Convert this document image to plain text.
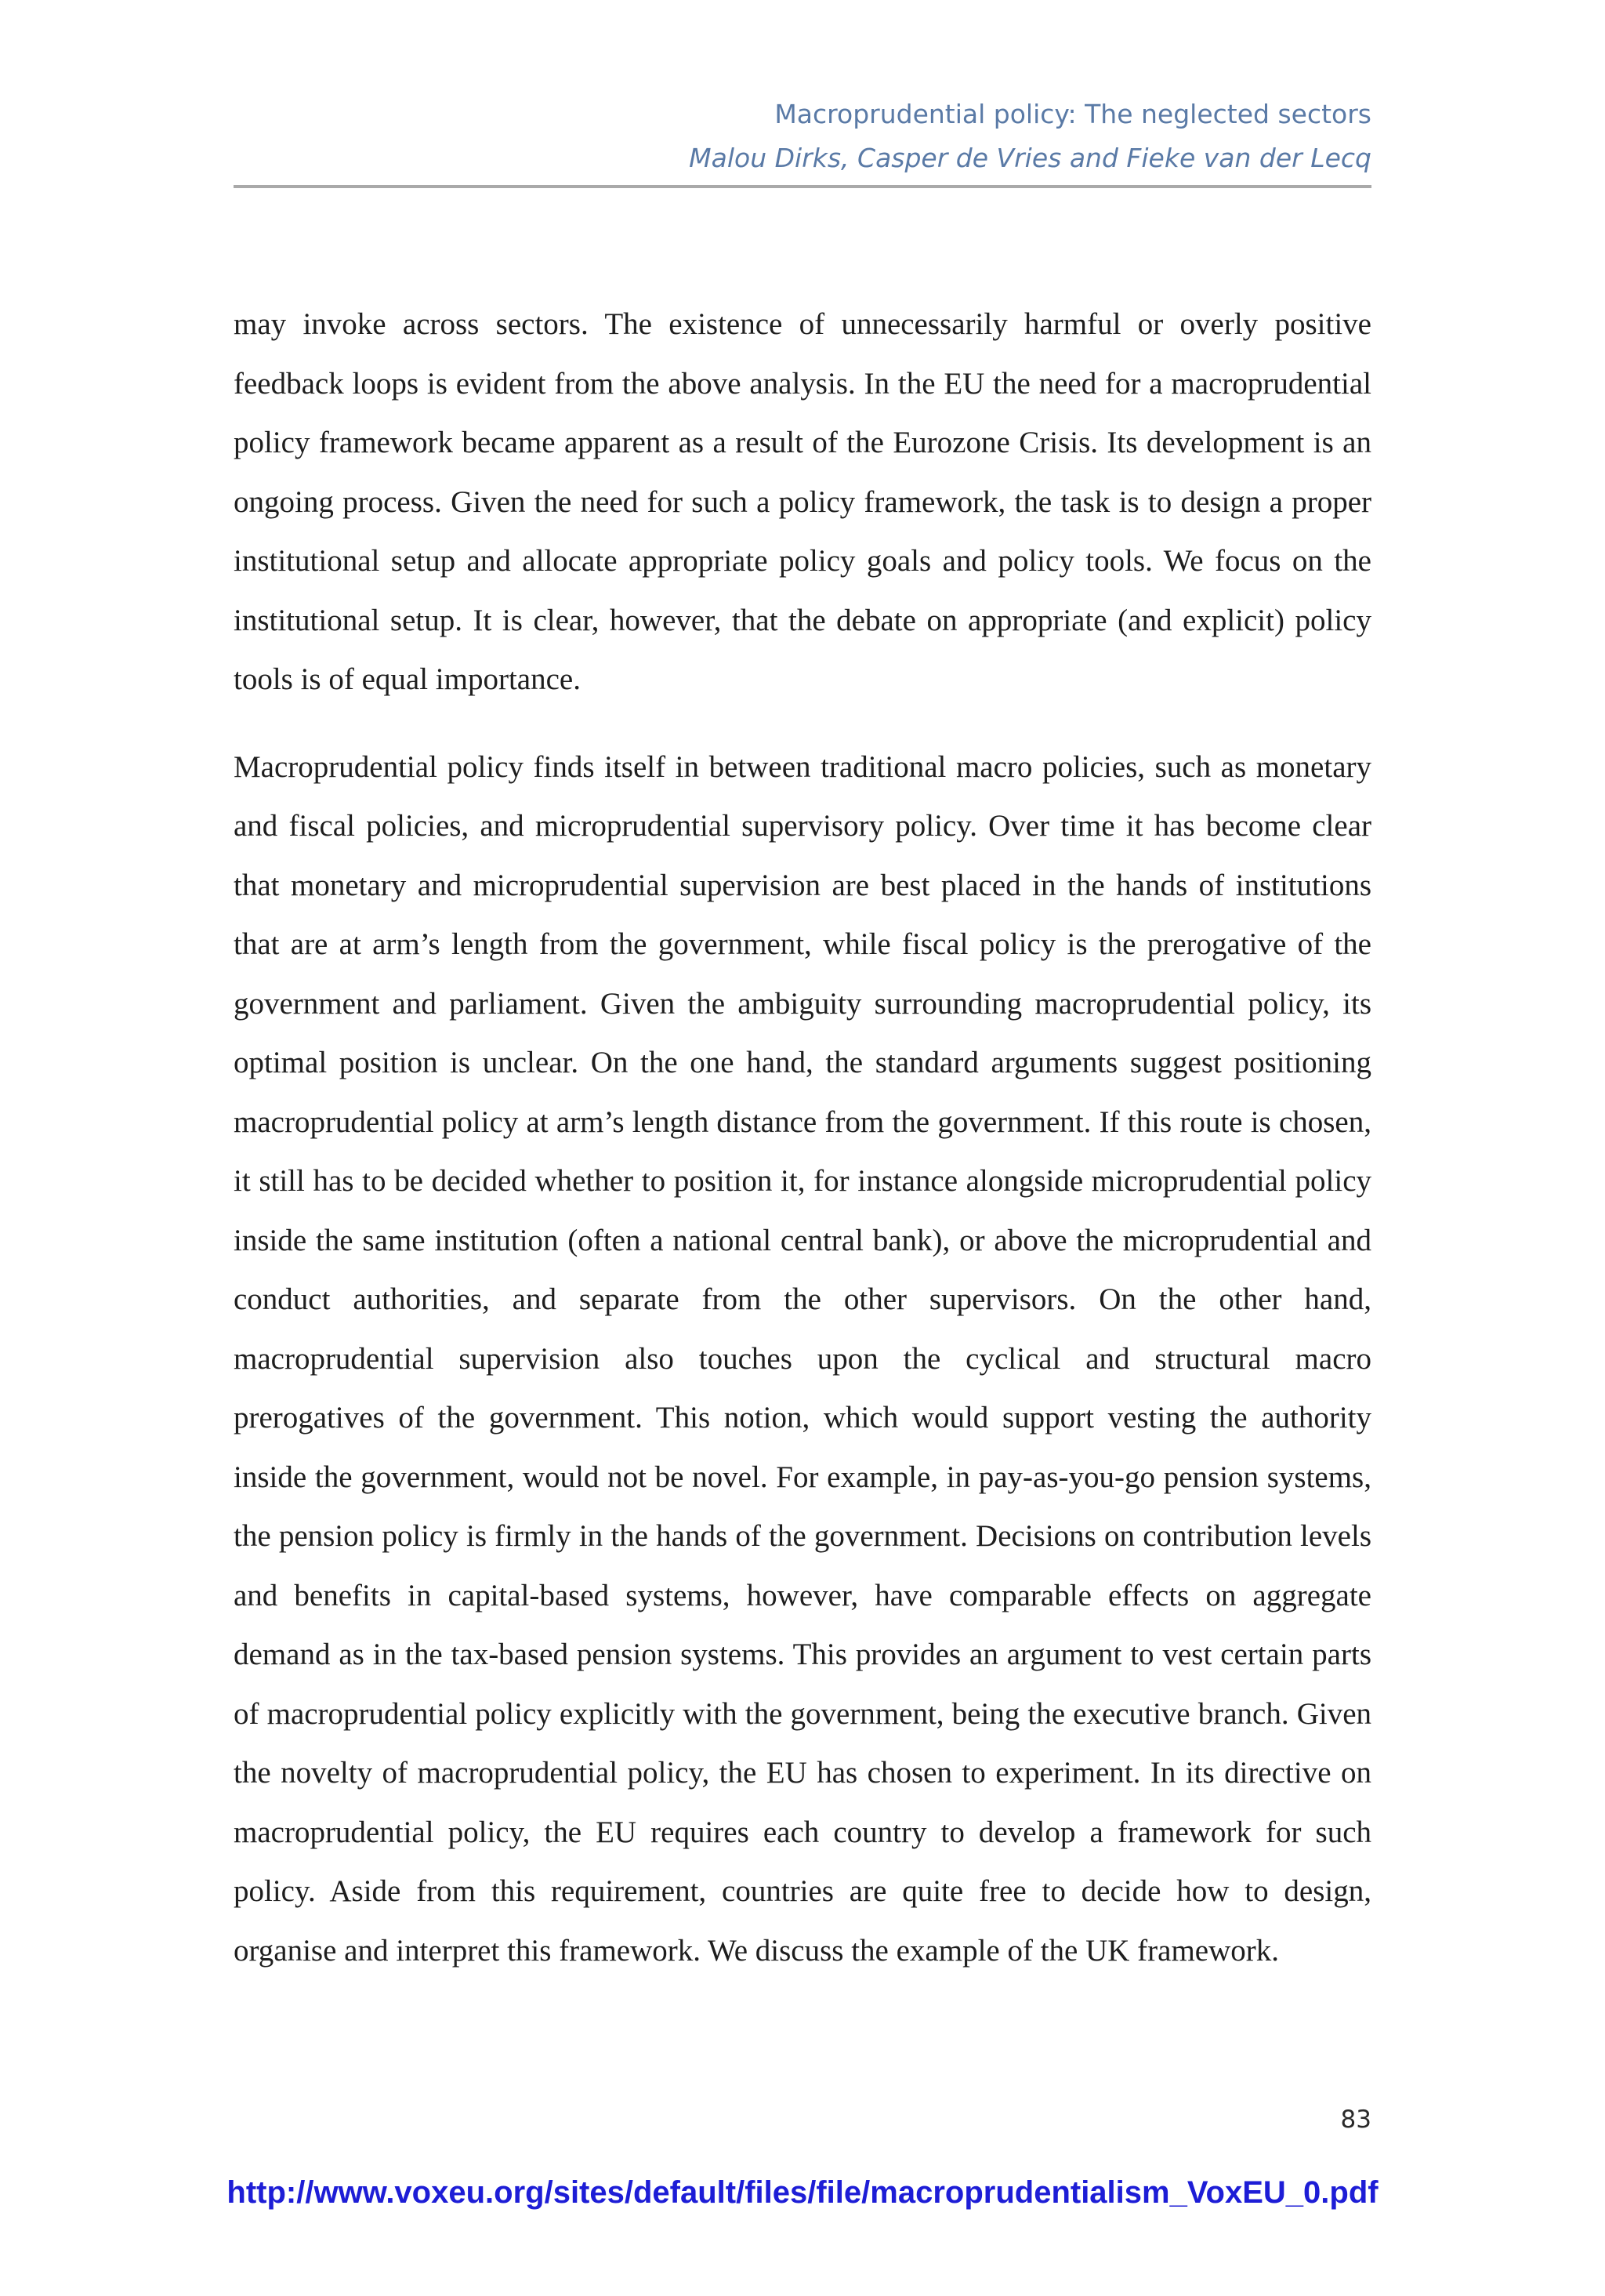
Macroprudential policy: The neglected sectors

Malou Dirks, Casper de Vries and Fieke van der Lecq

may invoke across sectors. The existence of unnecessarily harmful or overly positive feedback loops is evident from the above analysis. In the EU the need for a macroprudential policy framework became apparent as a result of the Eurozone Crisis. Its development is an ongoing process. Given the need for such a policy framework, the task is to design a proper institutional setup and allocate appropriate policy goals and policy tools. We focus on the institutional setup. It is clear, however, that the debate on appropriate (and explicit) policy tools is of equal importance.

Macroprudential policy finds itself in between traditional macro policies, such as monetary and fiscal policies, and microprudential supervisory policy. Over time it has become clear that monetary and microprudential supervision are best placed in the hands of institutions that are at arm’s length from the government, while fiscal policy is the prerogative of the government and parliament. Given the ambiguity surrounding macroprudential policy, its optimal position is unclear. On the one hand, the standard arguments suggest positioning macroprudential policy at arm’s length distance from the government. If this route is chosen, it still has to be decided whether to position it, for instance alongside microprudential policy inside the same institution (often a national central bank), or above the microprudential and conduct authorities, and separate from the other supervisors. On the other hand, macroprudential supervision also touches upon the cyclical and structural macro prerogatives of the government. This notion, which would support vesting the authority inside the government, would not be novel. For example, in pay-as-you-go pension systems, the pension policy is firmly in the hands of the government. Decisions on contribution levels and benefits in capital-based systems, however, have comparable effects on aggregate demand as in the tax-based pension systems. This provides an argument to vest certain parts of macroprudential policy explicitly with the government, being the executive branch. Given the novelty of macroprudential policy, the EU has chosen to experiment. In its directive on macroprudential policy, the EU requires each country to develop a framework for such policy. Aside from this requirement, countries are quite free to decide how to design, organise and interpret this framework. We discuss the example of the UK framework.

83
http://www.voxeu.org/sites/default/files/file/macroprudentialism_VoxEU_0.pdf
